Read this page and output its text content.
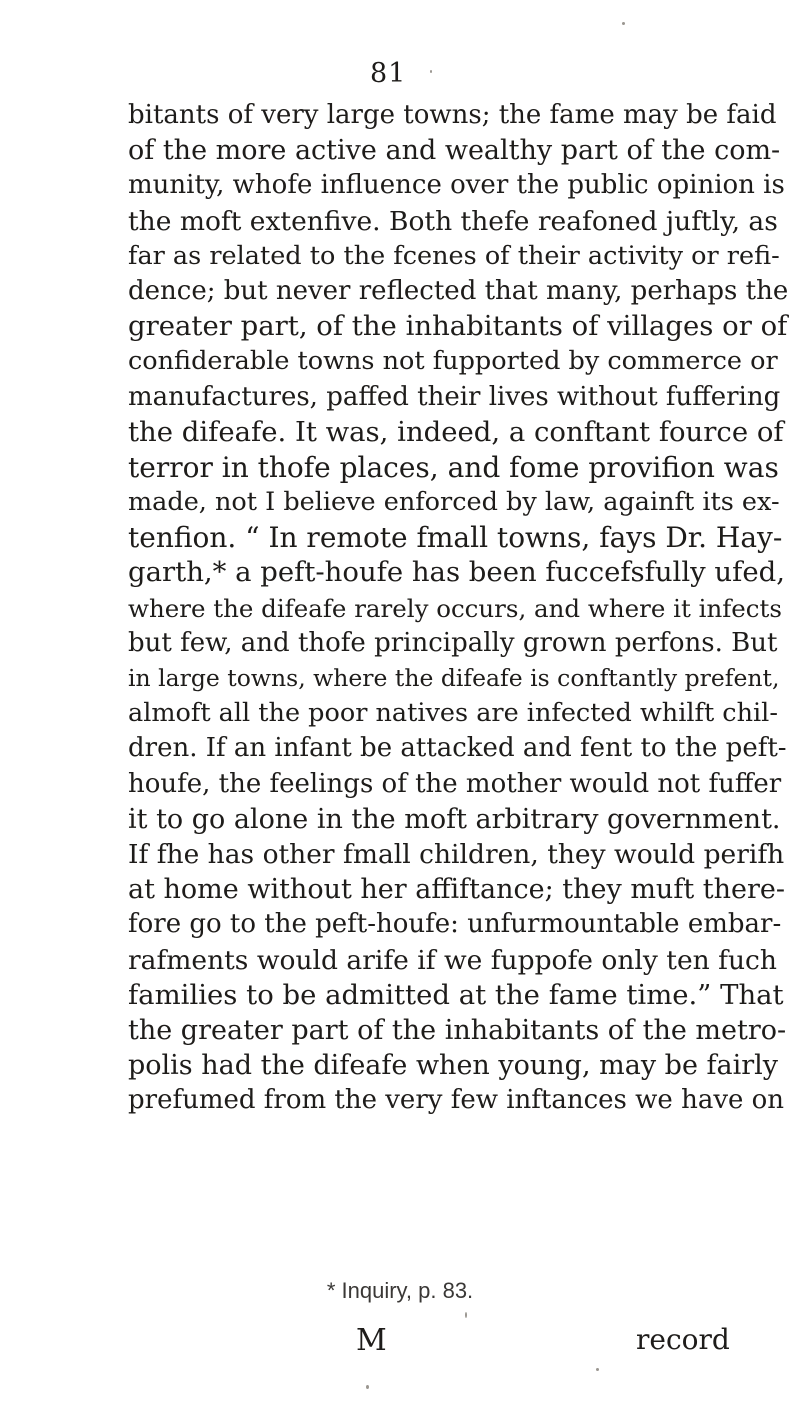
81
bitants of very large towns; the fame may be faid
of the more active and wealthy part of the com-
munity, whofe influence over the public opinion is
the moft extenfive. Both thefe reafoned juftly, as
far as related to the fcenes of their activity or refi-
dence; but never reflected that many, perhaps the
greater part, of the inhabitants of villages or of
confiderable towns not fupported by commerce or
manufactures, paffed their lives without fuffering
the difeafe. It was, indeed, a conftant fource of
terror in thofe places, and fome provifion was
made, not I believe enforced by law, againft its ex-
tenfion. “ In remote fmall towns, fays Dr. Hay-
garth,* a peft-houfe has been fuccefsfully ufed,
where the difeafe rarely occurs, and where it infects
but few, and thofe principally grown perfons. But
in large towns, where the difeafe is conftantly prefent,
almoft all the poor natives are infected whilft chil-
dren. If an infant be attacked and fent to the peft-
houfe, the feelings of the mother would not fuffer
it to go alone in the moft arbitrary government.
If fhe has other fmall children, they would perifh
at home without her affiftance; they muft there-
fore go to the peft-houfe: unfurmountable embar-
rafments would arife if we fuppofe only ten fuch
families to be admitted at the fame time.” That
the greater part of the inhabitants of the metro-
polis had the difeafe when young, may be fairly
prefumed from the very few inftances we have on
* Inquiry, p. 83.
M	record
